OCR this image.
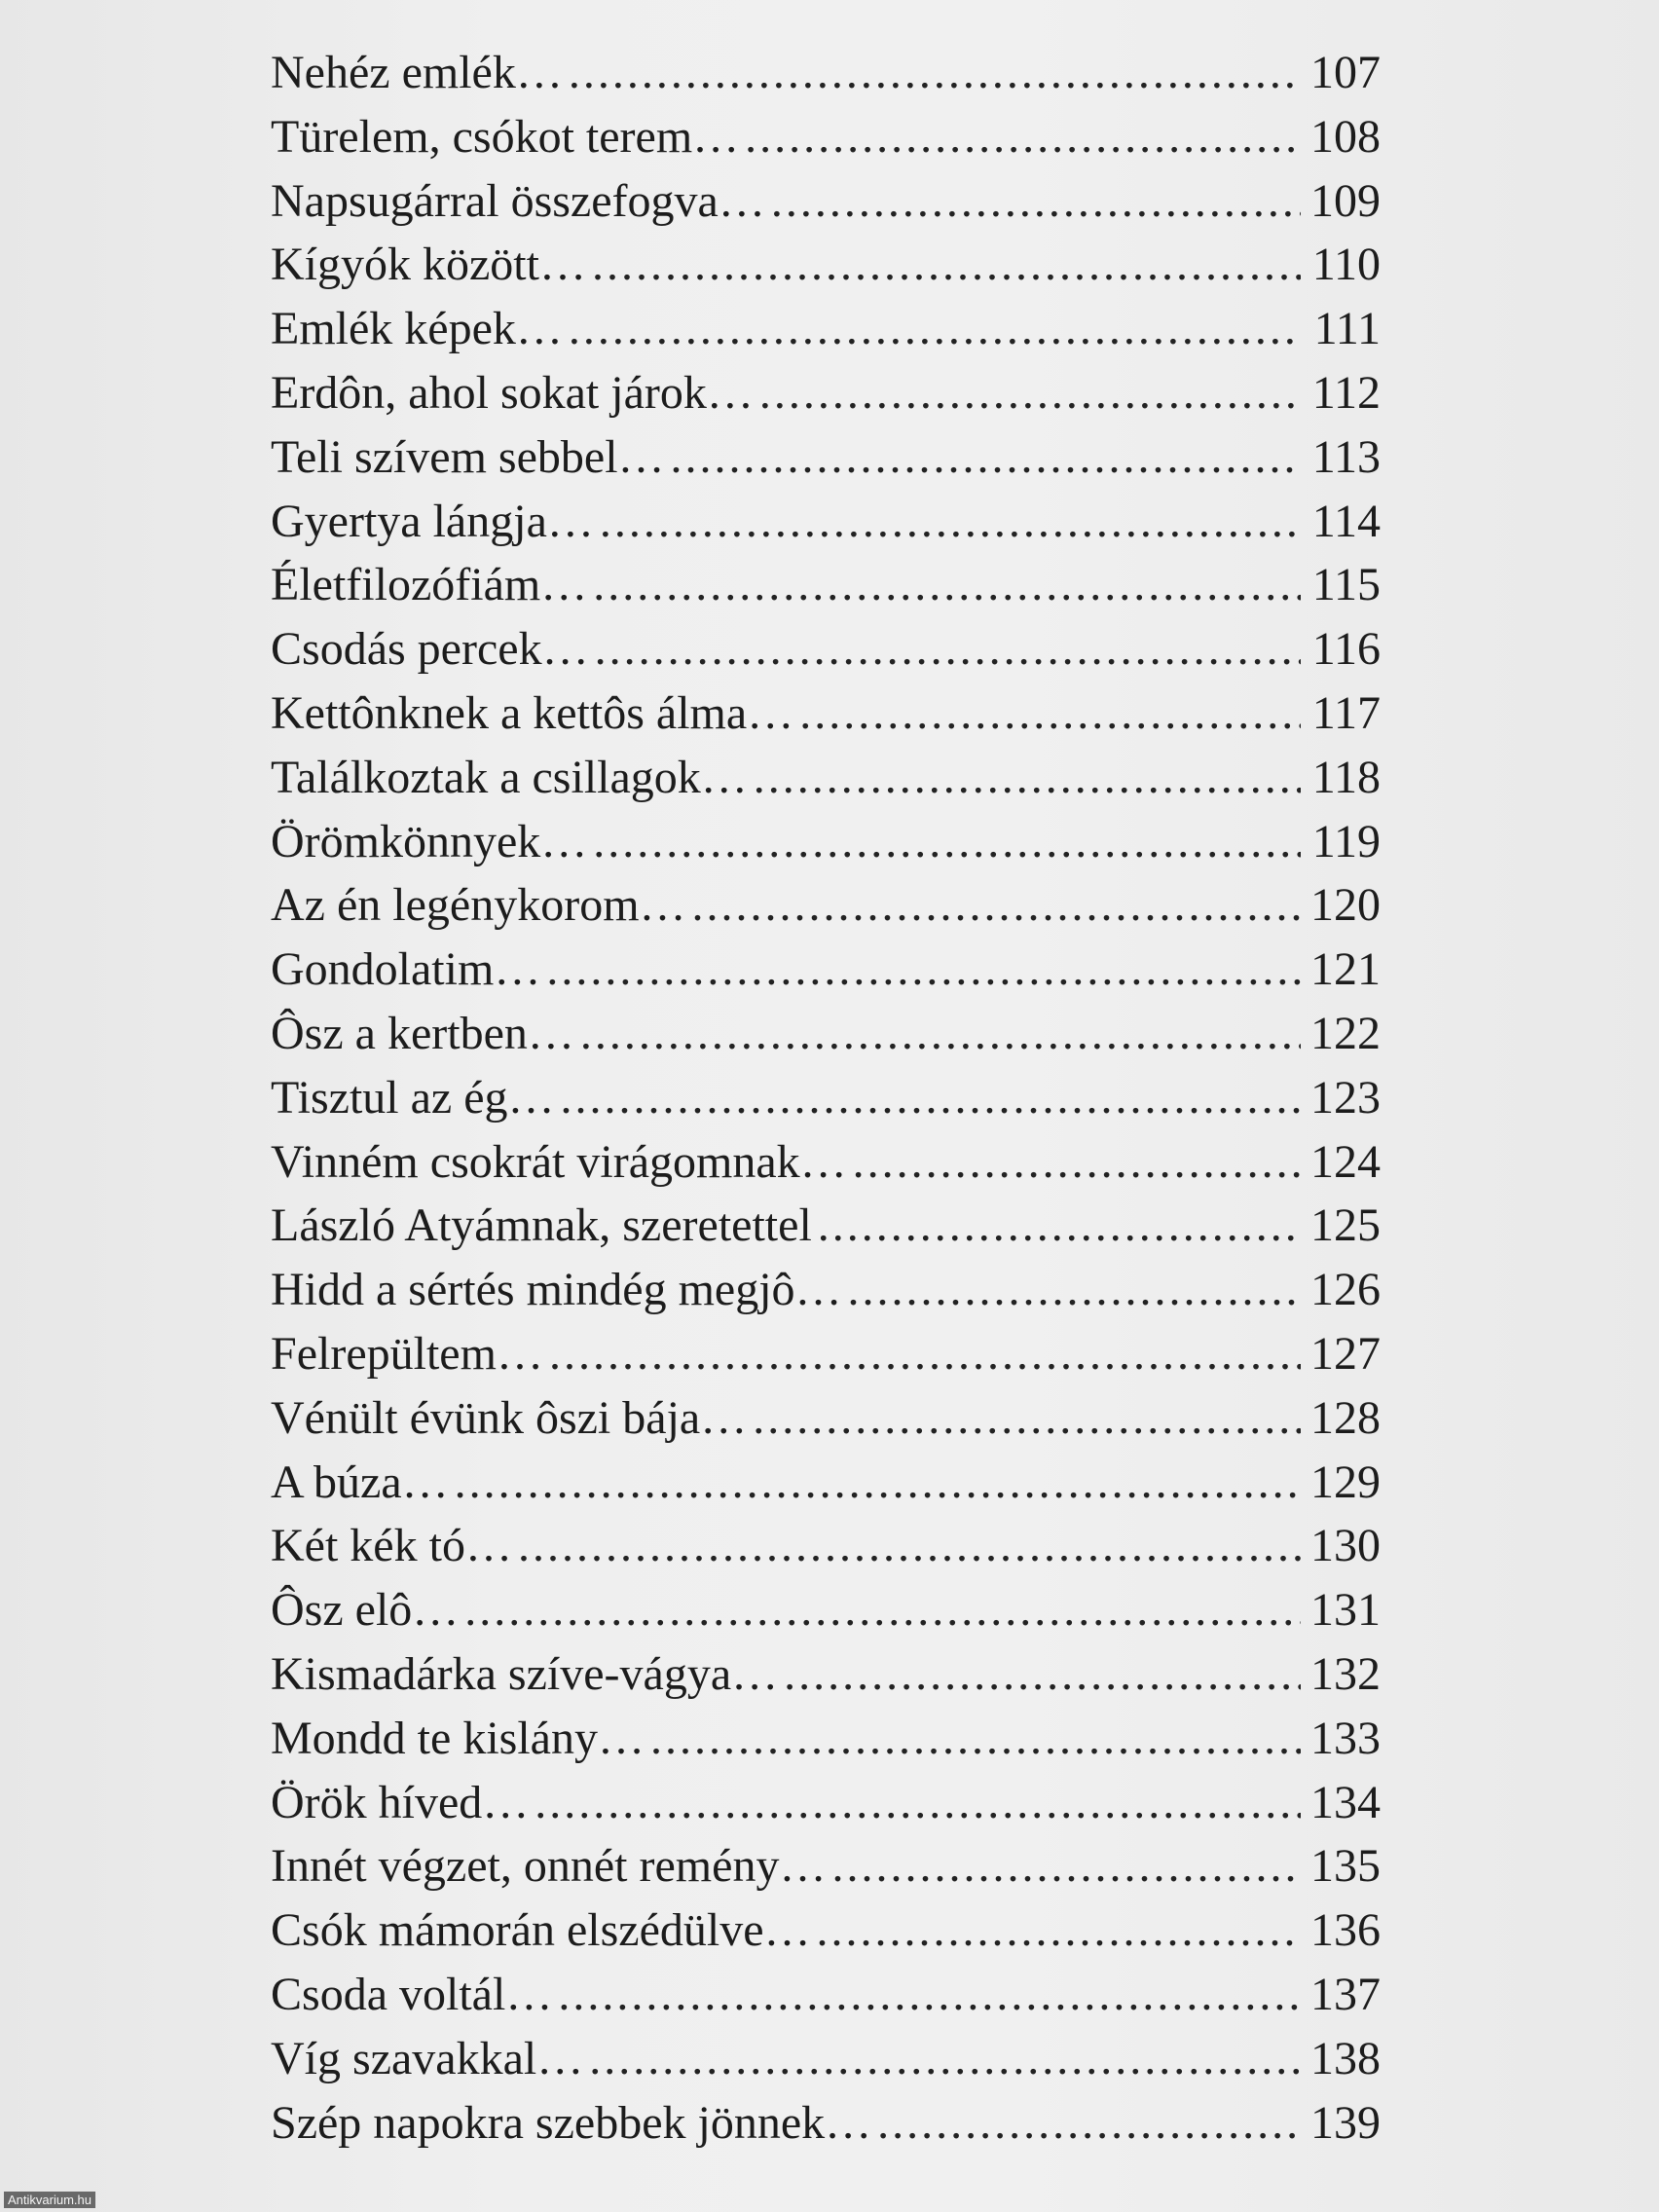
Nehéz emlék… .....	107
Türelem, csókot terem… .....	108
Napsugárral összefogva… .....	109
Kígyók között… .....	110
Emlék képek… .....	111
Erdôn, ahol sokat járok… .....	112
Teli szívem sebbel… .....	113
Gyertya lángja… .....	114
Életfilozófiám… .....	115
Csodás percek… .....	116
Kettônknek a kettôs álma… .....	117
Találkoztak a csillagok… .....	118
Örömkönnyek… .....	119
Az én legénykorom… .....	120
Gondolatim… .....	121
Ôsz a kertben… .....	122
Tisztul az ég… .....	123
Vinném csokrát virágomnak… .....	124
László Atyámnak, szeretettel .....	125
Hidd a sértés mindég megjô… .....	126
Felrepültem… .....	127
Vénült évünk ôszi bája… .....	128
A búza… .....	129
Két kék tó… .....	130
Ôsz elô… .....	131
Kismadárka szíve-vágya… .....	132
Mondd te kislány… .....	133
Örök híved… .....	134
Innét végzet, onnét remény… .....	135
Csók mámorán elszédülve… .....	136
Csoda voltál… .....	137
Víg szavakkal… .....	138
Szép napokra szebbek jönnek… .....	139
Antikvarium.hu
